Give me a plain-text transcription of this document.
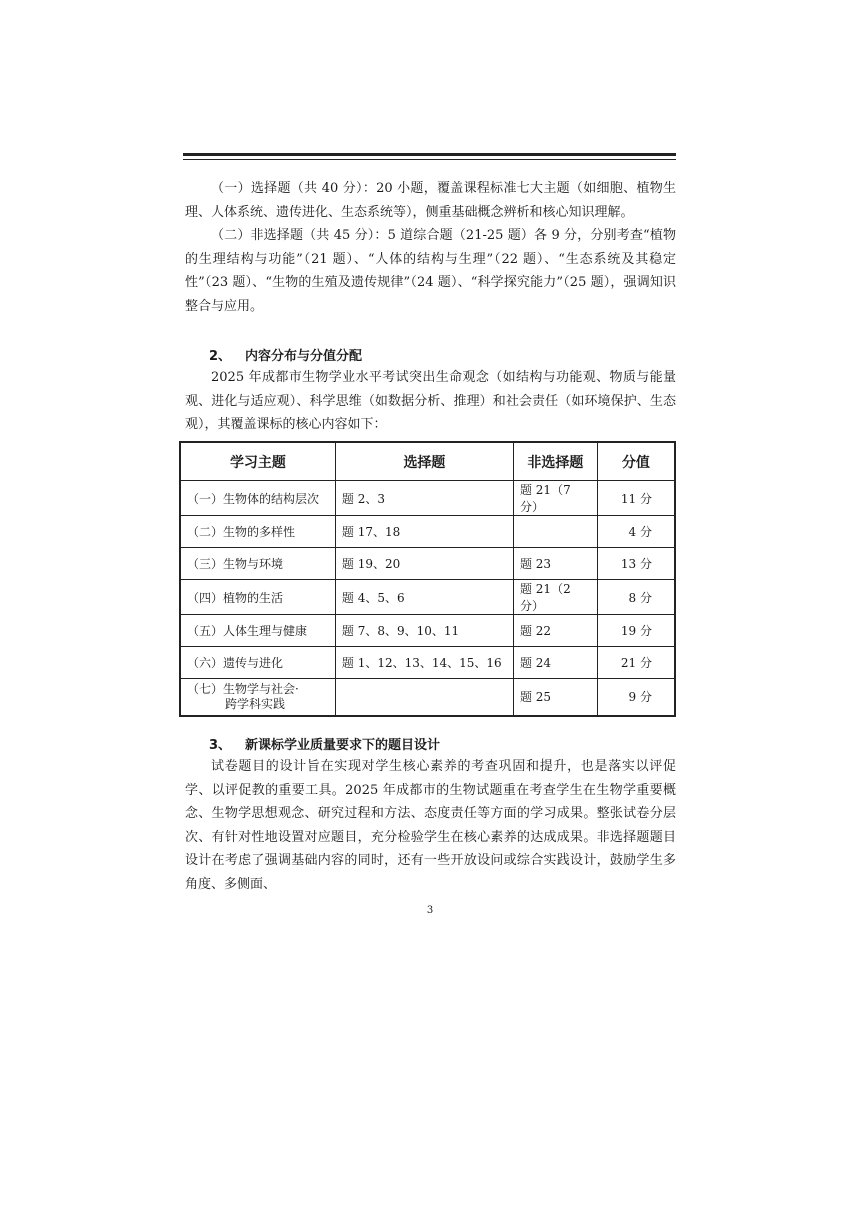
（一）选择题（共 40 分）：20 小题，覆盖课程标准七大主题（如细胞、植物生理、人体系统、遗传进化、生态系统等），侧重基础概念辨析和核心知识理解。

（二）非选择题（共 45 分）：5 道综合题（21-25 题）各 9 分，分别考查“植物的生理结构与功能”（21 题）、“人体的结构与生理”（22 题）、“生态系统及其稳定性”（23 题）、“生物的生殖及遗传规律”（24 题）、“科学探究能力”（25 题），强调知识整合与应用。

2、 内容分布与分值分配

2025 年成都市生物学业水平考试突出生命观念（如结构与功能观、物质与能量观、进化与适应观）、科学思维（如数据分析、推理）和社会责任（如环境保护、生态观），其覆盖课标的核心内容如下：

学习主题	选择题	非选择题	分值
（一）生物体的结构层次	题 2、3	题 21（7 分）	11 分
（二）生物的多样性	题 17、18		4 分
（三）生物与环境	题 19、20	题 23	13 分
（四）植物的生活	题 4、5、6	题 21（2 分）	8 分
（五）人体生理与健康	题 7、8、9、10、11	题 22	19 分
（六）遗传与进化	题 1、12、13、14、15、16	题 24	21 分
（七）生物学与社会·
跨学科实践		题 25	9 分
3、 新课标学业质量要求下的题目设计

试卷题目的设计旨在实现对学生核心素养的考查巩固和提升，也是落实以评促学、以评促教的重要工具。2025 年成都市的生物试题重在考查学生在生物学重要概念、生物学思想观念、研究过程和方法、态度责任等方面的学习成果。整张试卷分层次、有针对性地设置对应题目，充分检验学生在核心素养的达成成果。非选择题题目设计在考虑了强调基础内容的同时，还有一些开放设问或综合实践设计，鼓励学生多角度、多侧面、

3
